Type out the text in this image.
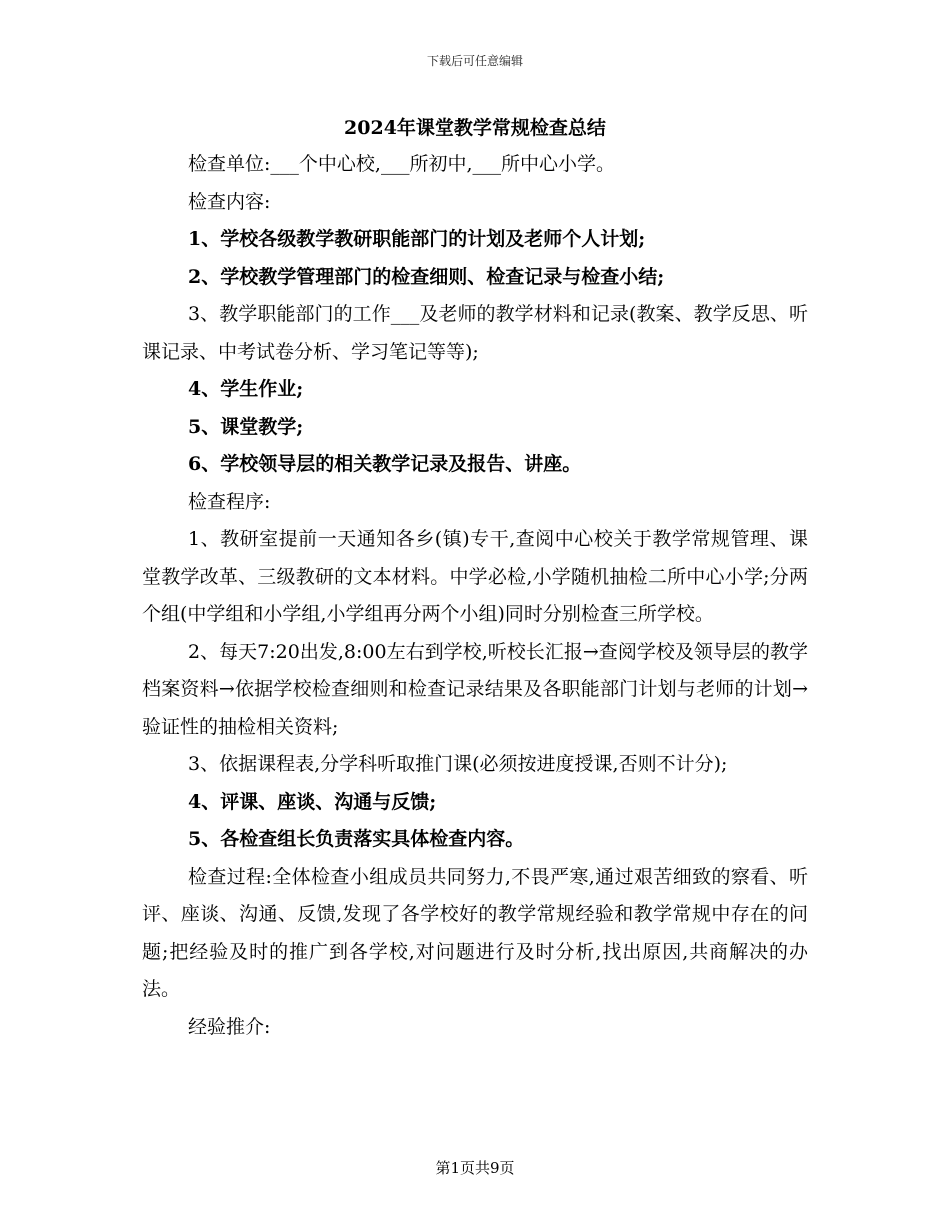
下载后可任意编辑
2024年课堂教学常规检查总结

检查单位:___个中心校,___所初中,___所中心小学。

检查内容:

1、学校各级教学教研职能部门的计划及老师个人计划;

2、学校教学管理部门的检查细则、检查记录与检查小结;

3、教学职能部门的工作___及老师的教学材料和记录(教案、教学反思、听课记录、中考试卷分析、学习笔记等等);

4、学生作业;

5、课堂教学;

6、学校领导层的相关教学记录及报告、讲座。

检查程序:

1、教研室提前一天通知各乡(镇)专干,查阅中心校关于教学常规管理、课堂教学改革、三级教研的文本材料。中学必检,小学随机抽检二所中心小学;分两个组(中学组和小学组,小学组再分两个小组)同时分别检查三所学校。

2、每天7:20出发,8:00左右到学校,听校长汇报→查阅学校及领导层的教学档案资料→依据学校检查细则和检查记录结果及各职能部门计划与老师的计划→验证性的抽检相关资料;

3、依据课程表,分学科听取推门课(必须按进度授课,否则不计分);

4、评课、座谈、沟通与反馈;

5、各检查组长负责落实具体检查内容。

检查过程:全体检查小组成员共同努力,不畏严寒,通过艰苦细致的察看、听评、座谈、沟通、反馈,发现了各学校好的教学常规经验和教学常规中存在的问题;把经验及时的推广到各学校,对问题进行及时分析,找出原因,共商解决的办法。

经验推介:

第1页共9页
